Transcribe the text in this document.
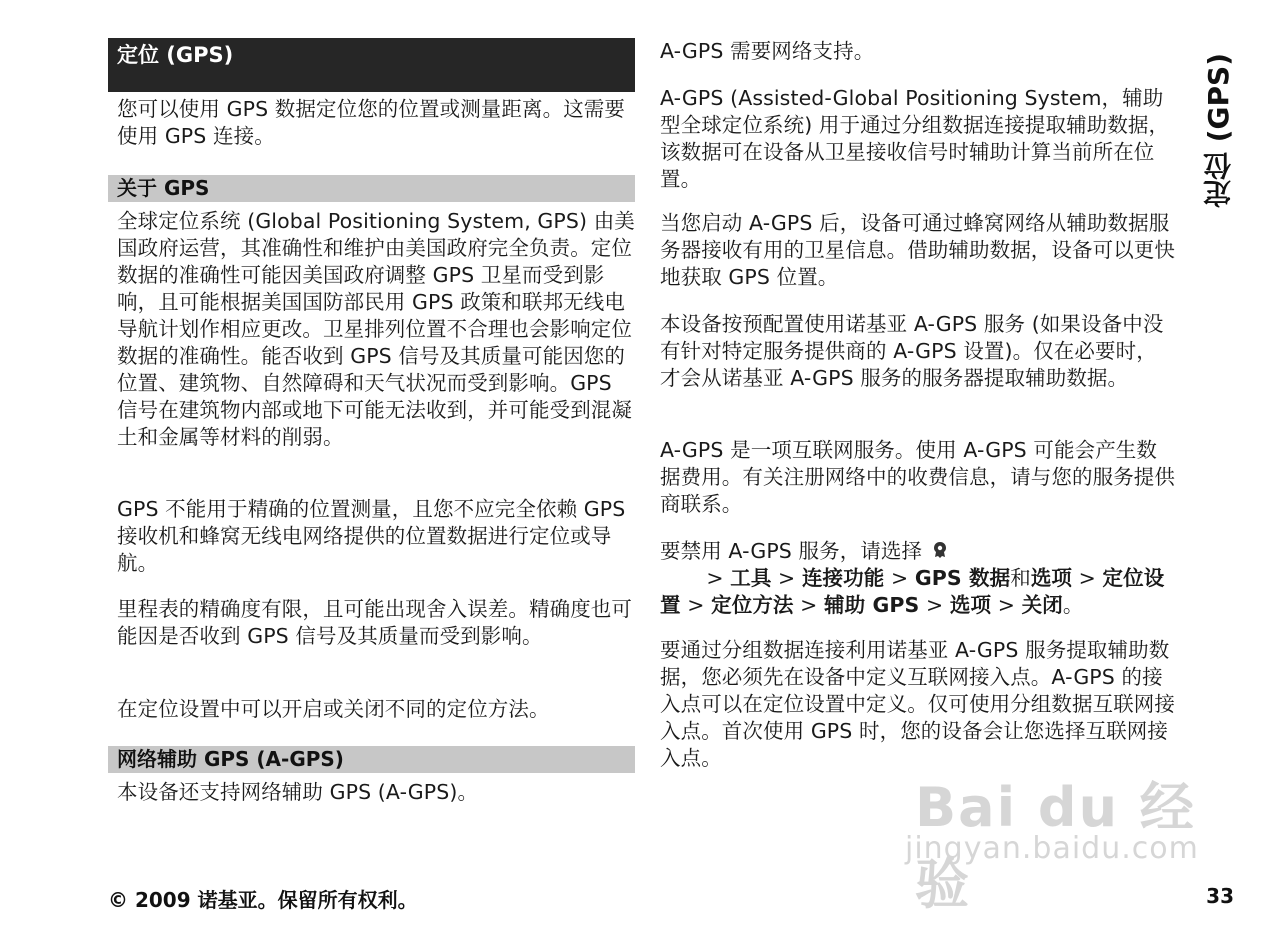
定位 (GPS)

您可以使用 GPS 数据定位您的位置或测量距离。这需要使用 GPS 连接。

关于 GPS

全球定位系统 (Global Positioning System, GPS) 由美国政府运营，其准确性和维护由美国政府完全负责。定位数据的准确性可能因美国政府调整 GPS 卫星而受到影响，且可能根据美国国防部民用 GPS 政策和联邦无线电导航计划作相应更改。卫星排列位置不合理也会影响定位数据的准确性。能否收到 GPS 信号及其质量可能因您的位置、建筑物、自然障碍和天气状况而受到影响。GPS 信号在建筑物内部或地下可能无法收到，并可能受到混凝土和金属等材料的削弱。

GPS 不能用于精确的位置测量，且您不应完全依赖 GPS 接收机和蜂窝无线电网络提供的位置数据进行定位或导航。

里程表的精确度有限，且可能出现舍入误差。精确度也可能因是否收到 GPS 信号及其质量而受到影响。

在定位设置中可以开启或关闭不同的定位方法。

网络辅助 GPS (A-GPS)

本设备还支持网络辅助 GPS (A-GPS)。

A-GPS 需要网络支持。

A-GPS (Assisted-Global Positioning System，辅助型全球定位系统) 用于通过分组数据连接提取辅助数据，该数据可在设备从卫星接收信号时辅助计算当前所在位置。

当您启动 A-GPS 后，设备可通过蜂窝网络从辅助数据服务器接收有用的卫星信息。借助辅助数据，设备可以更快地获取 GPS 位置。

本设备按预配置使用诺基亚 A-GPS 服务 (如果设备中没有针对特定服务提供商的 A-GPS 设置)。仅在必要时，才会从诺基亚 A-GPS 服务的服务器提取辅助数据。

A-GPS 是一项互联网服务。使用 A-GPS 可能会产生数据费用。有关注册网络中的收费信息，请与您的服务提供商联系。

要禁用 A-GPS 服务，请选择
> 工具 > 连接功能 > GPS 数据和选项 > 定位设置 > 定位方法 > 辅助 GPS > 选项 > 关闭。

要通过分组数据连接利用诺基亚 A-GPS 服务提取辅助数据，您必须先在设备中定义互联网接入点。A-GPS 的接入点可以在定位设置中定义。仅可使用分组数据互联网接入点。首次使用 GPS 时，您的设备会让您选择互联网接入点。

定位 (GPS)
Bai du 经验
jingyan.baidu.com
© 2009 诺基亚。保留所有权利。	33
